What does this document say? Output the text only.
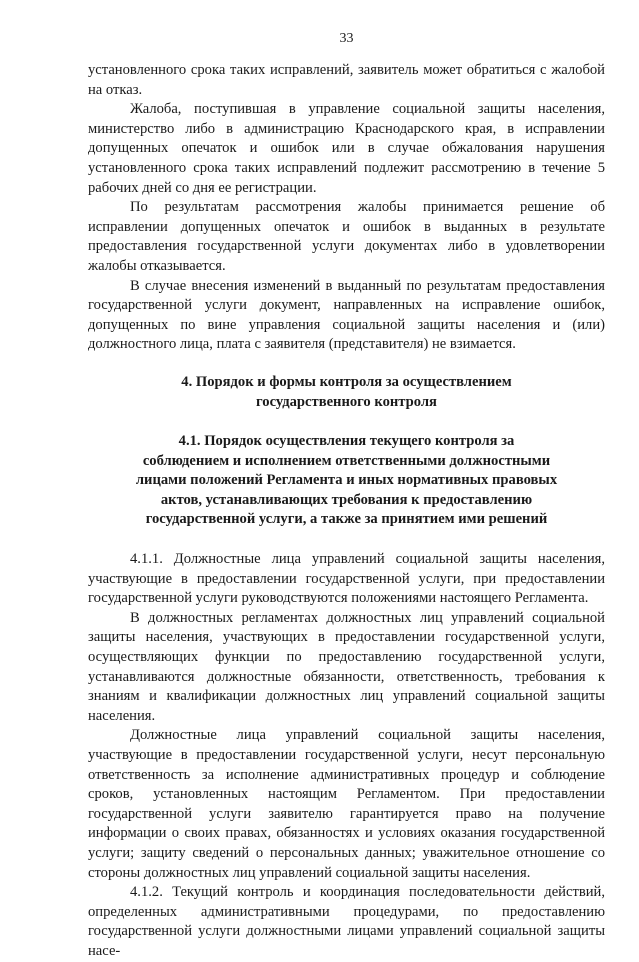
33

установленного срока таких исправлений, заявитель может обратиться с жалобой на отказ.

Жалоба, поступившая в управление социальной защиты населения, министерство либо в администрацию Краснодарского края, в исправлении допущенных опечаток и ошибок или в случае обжалования нарушения установленного срока таких исправлений подлежит рассмотрению в течение 5 рабочих дней со дня ее регистрации.

По результатам рассмотрения жалобы принимается решение об исправлении допущенных опечаток и ошибок в выданных в результате предоставления государственной услуги документах либо в удовлетворении жалобы отказывается.

В случае внесения изменений в выданный по результатам предоставления государственной услуги документ, направленных на исправление ошибок, допущенных по вине управления социальной защиты населения и (или) должностного лица, плата с заявителя (представителя) не взимается.

4. Порядок и формы контроля за осуществлением
государственного контроля
4.1. Порядок осуществления текущего контроля за
соблюдением и исполнением ответственными должностными
лицами положений Регламента и иных нормативных правовых
актов, устанавливающих требования к предоставлению
государственной услуги, а также за принятием ими решений

4.1.1. Должностные лица управлений социальной защиты населения, участвующие в предоставлении государственной услуги, при предоставлении государственной услуги руководствуются положениями настоящего Регламента.

В должностных регламентах должностных лиц управлений социальной защиты населения, участвующих в предоставлении государственной услуги, осуществляющих функции по предоставлению государственной услуги, устанавливаются должностные обязанности, ответственность, требования к знаниям и квалификации должностных лиц управлений социальной защиты населения.

Должностные лица управлений социальной защиты населения, участвующие в предоставлении государственной услуги, несут персональную ответственность за исполнение административных процедур и соблюдение сроков, установленных настоящим Регламентом. При предоставлении государственной услуги заявителю гарантируется право на получение информации о своих правах, обязанностях и условиях оказания государственной услуги; защиту сведений о персональных данных; уважительное отношение со стороны должностных лиц управлений социальной защиты населения.

4.1.2. Текущий контроль и координация последовательности действий, определенных административными процедурами, по предоставлению государственной услуги должностными лицами управлений социальной защиты насе-
